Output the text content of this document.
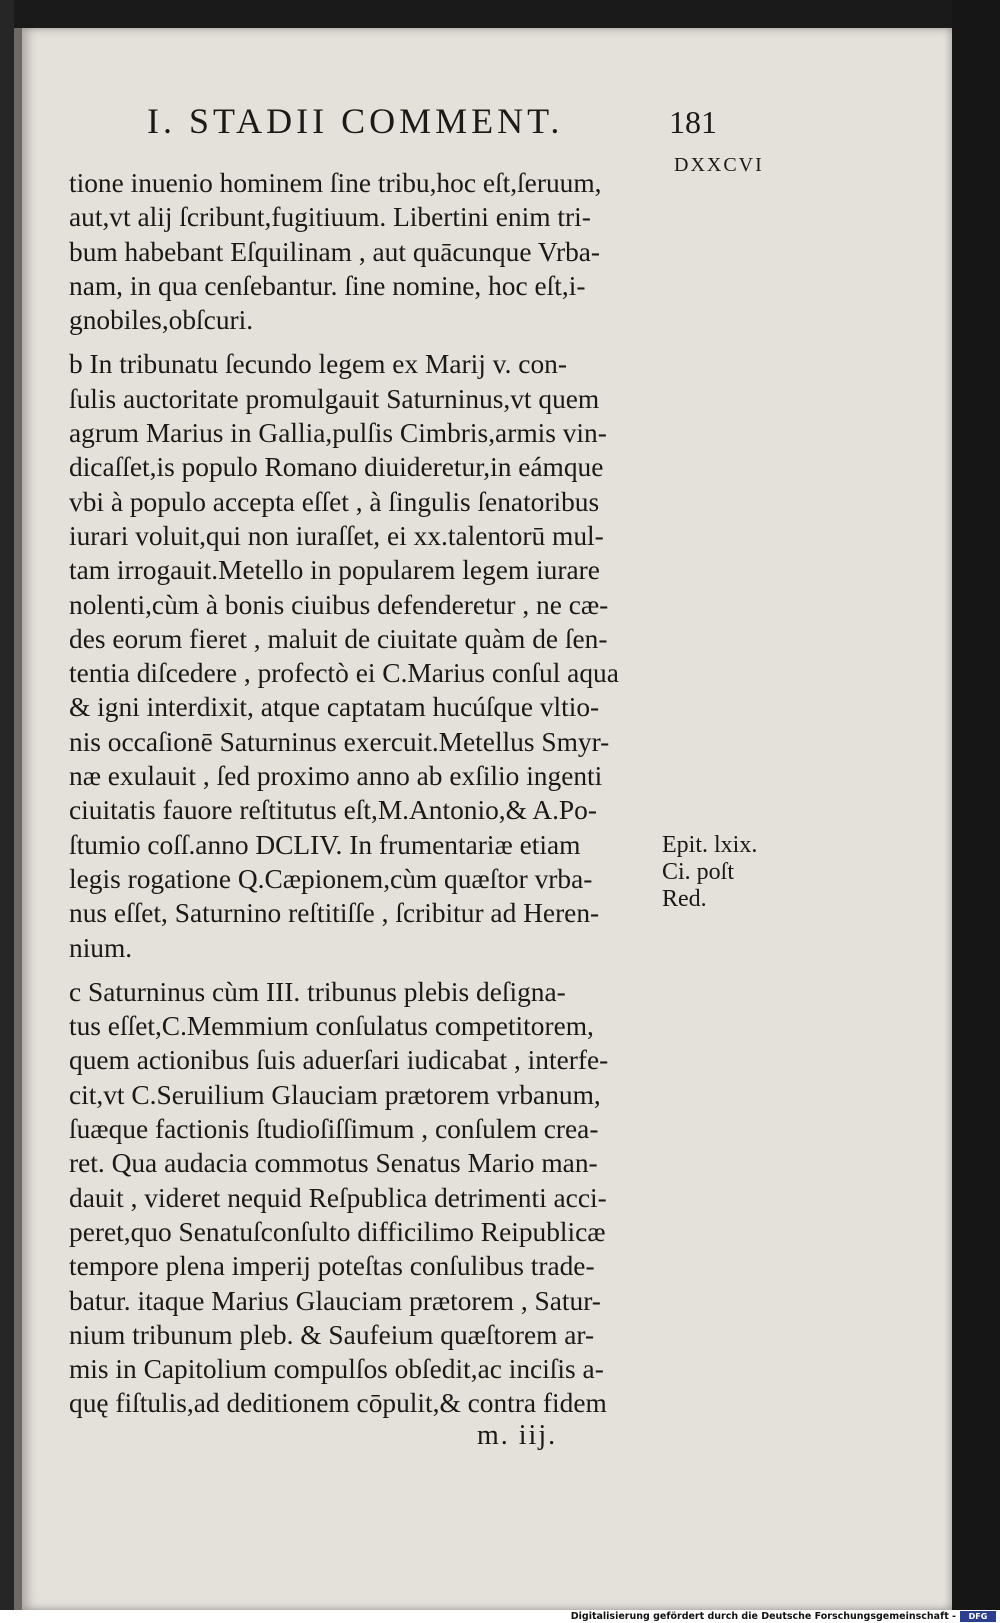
I. STADII COMMENT.	181
tione inuenio hominem ſine tribu,hoc eſt,ſeruum,
aut,vt alij ſcribunt,fugitiuum. Libertini enim tri-
bum habebant Eſquilinam , aut quācunque Vrba-
nam, in qua cenſebantur. ſine nomine, hoc eſt,i-
gnobiles,obſcuri.
b In tribunatu ſecundo legem ex Marij v. con-
ſulis auctoritate promulgauit Saturninus,vt quem
agrum Marius in Gallia,pulſis Cimbris,armis vin-
dicaſſet,is populo Romano diuideretur,in eámque
vbi à populo accepta eſſet , à ſingulis ſenatoribus
iurari voluit,qui non iuraſſet, ei xx.talentorū mul-
tam irrogauit.Metello in popularem legem iurare
nolenti,cùm à bonis ciuibus defenderetur , ne cæ-
des eorum fieret , maluit de ciuitate quàm de ſen-
tentia diſcedere , profectò ei C.Marius conſul aqua
& igni interdixit, atque captatam hucúſque vltio-
nis occaſionē Saturninus exercuit.Metellus Smyr-
næ exulauit , ſed proximo anno ab exſilio ingenti
ciuitatis fauore reſtitutus eſt,M.Antonio,& A.Po-
ſtumio coſſ.anno DCLIV. In frumentariæ etiam
legis rogatione Q.Cæpionem,cùm quæſtor vrba-
nus eſſet, Saturnino reſtitiſſe , ſcribitur ad Heren-
nium.
c Saturninus cùm III. tribunus plebis deſigna-
tus eſſet,C.Memmium conſulatus competitorem,
quem actionibus ſuis aduerſari iudicabat , interfe-
cit,vt C.Seruilium Glauciam prætorem vrbanum,
ſuæque factionis ſtudioſiſſimum , conſulem crea-
ret. Qua audacia commotus Senatus Mario man-
dauit , videret nequid Reſpublica detrimenti acci-
peret,quo Senatuſconſulto difficilimo Reipublicæ
tempore plena imperij poteſtas conſulibus trade-
batur. itaque Marius Glauciam prætorem , Satur-
nium tribunum pleb. & Saufeium quæſtorem ar-
mis in Capitolium compulſos obſedit,ac inciſis a-
quę fiſtulis,ad deditionem cōpulit,& contra fidem
DXXCVI
Epit. lxix.
Ci. poſt
Red.
m. iij.
Digitalisierung gefördert durch die Deutsche Forschungsgemeinschaft -	DFG
